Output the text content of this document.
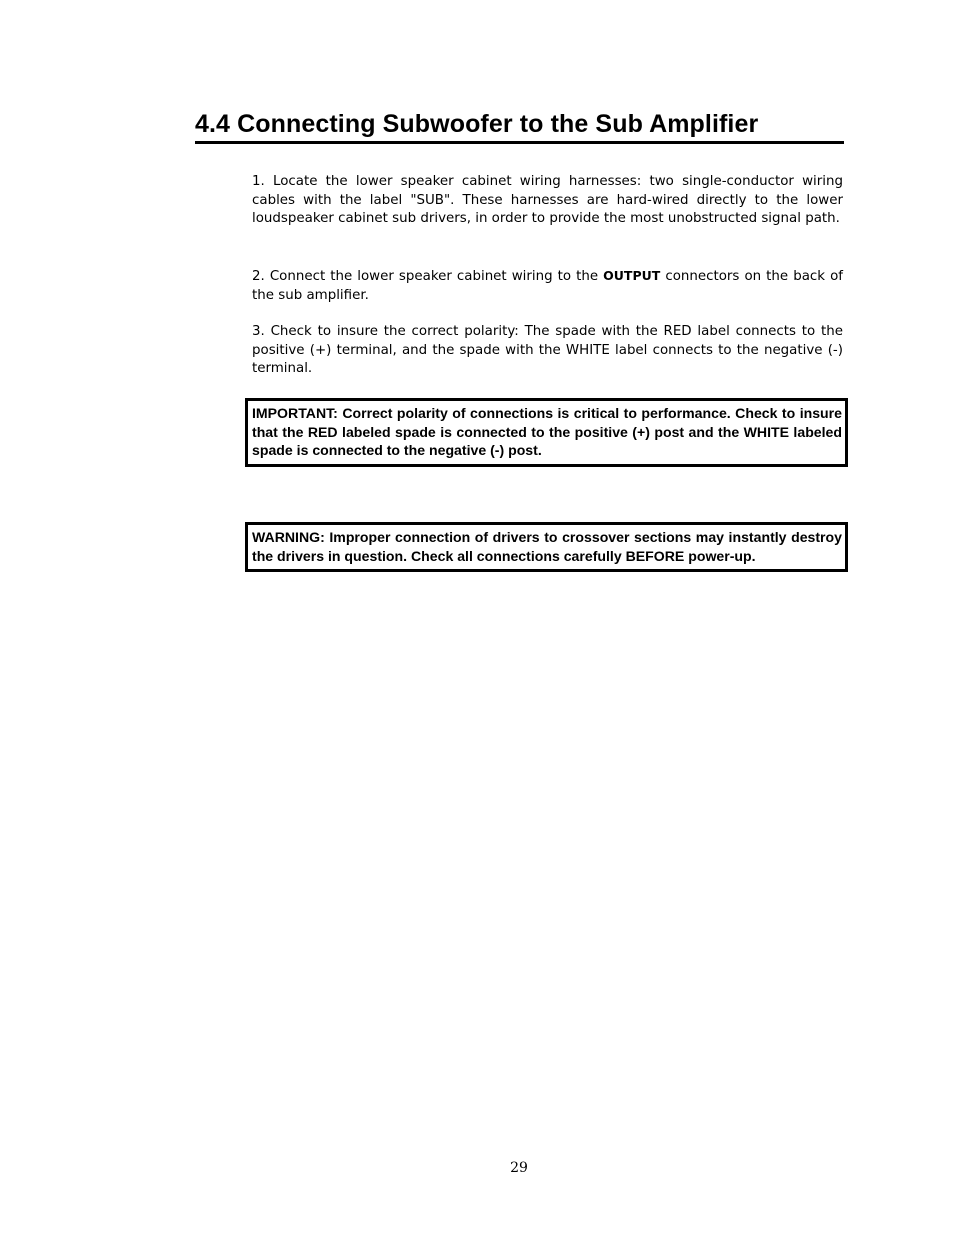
4.4 Connecting Subwoofer to the Sub Amplifier

1. Locate the lower speaker cabinet wiring harnesses: two single-conductor wiring cables with the label "SUB". These harnesses are hard-wired directly to the lower loudspeaker cabinet sub drivers, in order to provide the most unobstructed signal path.

2. Connect the lower speaker cabinet wiring to the OUTPUT connectors on the back of the sub amplifier.

3. Check to insure the correct polarity: The spade with the RED label connects to the positive (+) terminal, and the spade with the WHITE label connects to the negative (-) terminal.

IMPORTANT: Correct polarity of connections is critical to performance. Check to insure that the RED labeled spade is connected to the positive (+) post and the WHITE labeled spade is connected to the negative (-) post.
WARNING: Improper connection of drivers to crossover sections may instantly destroy the drivers in question. Check all connections carefully BEFORE power-up.
29
